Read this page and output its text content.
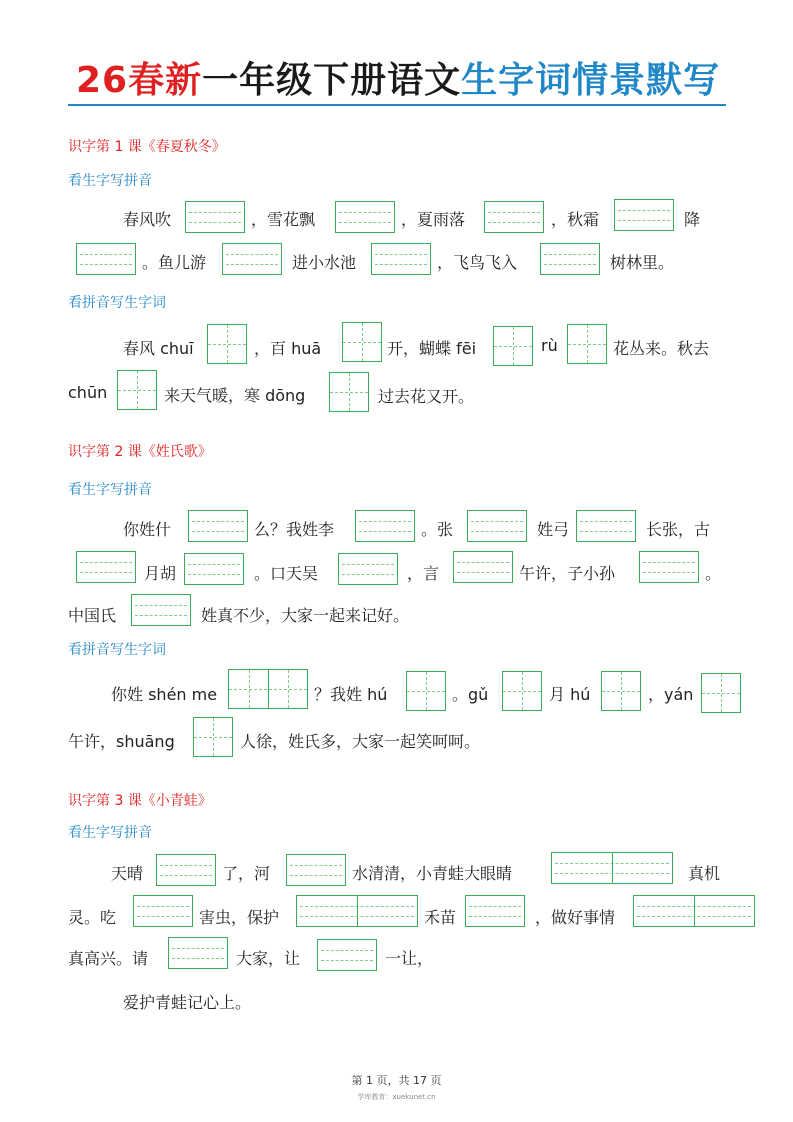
26春新一年级下册语文生字词情景默写
识字第 1 课《春夏秋冬》
看生字写拼音
春风吹	，雪花飘	，夏雨落	，秋霜	降
。鱼儿游	进小水池	，飞鸟飞入	树林里。
看拼音写生字词
春风 chuī	，百 huā	开，蝴蝶 fēi	rù	花丛来。秋去
chūn	来天气暖，寒 dōng	过去花又开。
识字第 2 课《姓氏歌》
看生字写拼音
你姓什	么？我姓李	。张	姓弓	长张，古
月胡	。口天吴	，言	午许，子小孙	。
中国氏	姓真不少，大家一起来记好。
看拼音写生字词
你姓 shén me	？我姓 hú	。gǔ	月 hú	，yán
午许，shuāng	人徐，姓氏多，大家一起笑呵呵。
识字第 3 课《小青蛙》
看生字写拼音
天晴	了，河	水清清，小青蛙大眼睛	真机
灵。吃	害虫，保护	禾苗	，做好事情
真高兴。请	大家，让	一让，
爱护青蛙记心上。
第 1 页，共 17 页
学库教育：xuekunet.cn
